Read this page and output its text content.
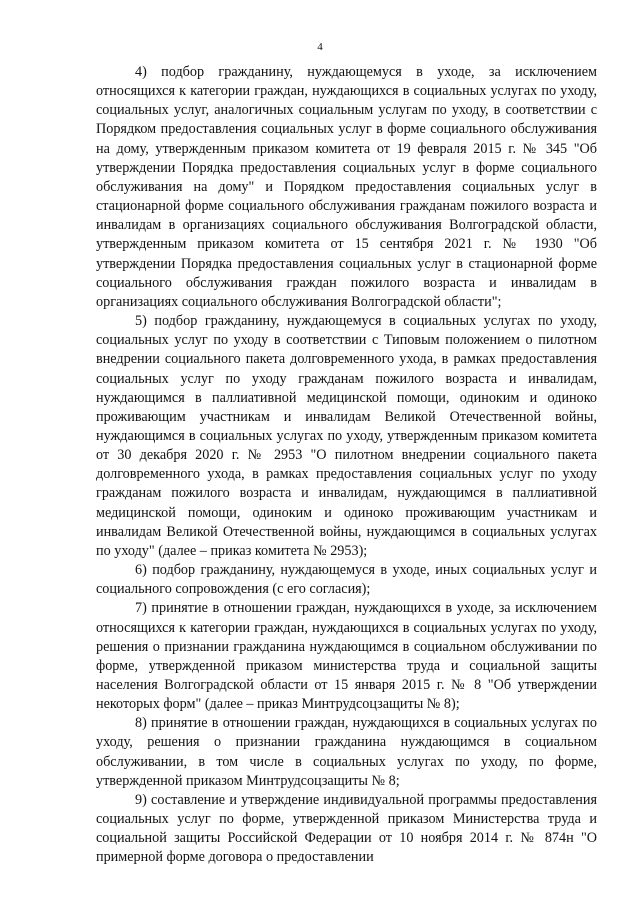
4

4) подбор гражданину, нуждающемуся в уходе, за исключением относящихся к категории граждан, нуждающихся в социальных услугах по уходу, социальных услуг, аналогичных социальным услугам по уходу, в соответствии с Порядком предоставления социальных услуг в форме социального обслуживания на дому, утвержденным приказом комитета от 19 февраля 2015 г. № 345 "Об утверждении Порядка предоставления социальных услуг в форме социального обслуживания на дому" и Порядком предоставления социальных услуг в стационарной форме социального обслуживания гражданам пожилого возраста и инвалидам в организациях социального обслуживания Волгоградской области, утвержденным приказом комитета от 15 сентября 2021 г. № 1930 "Об утверждении Порядка предоставления социальных услуг в стационарной форме социального обслуживания граждан пожилого возраста и инвалидам в организациях социального обслуживания Волгоградской области";

5) подбор гражданину, нуждающемуся в социальных услугах по уходу, социальных услуг по уходу в соответствии с Типовым положением о пилотном внедрении социального пакета долговременного ухода, в рамках предоставления социальных услуг по уходу гражданам пожилого возраста и инвалидам, нуждающимся в паллиативной медицинской помощи, одиноким и одиноко проживающим участникам и инвалидам Великой Отечественной войны, нуждающимся в социальных услугах по уходу, утвержденным приказом комитета от 30 декабря 2020 г. № 2953 "О пилотном внедрении социального пакета долговременного ухода, в рамках предоставления социальных услуг по уходу гражданам пожилого возраста и инвалидам, нуждающимся в паллиативной медицинской помощи, одиноким и одиноко проживающим участникам и инвалидам Великой Отечественной войны, нуждающимся в социальных услугах по уходу" (далее – приказ комитета № 2953);

6) подбор гражданину, нуждающемуся в уходе, иных социальных услуг и социального сопровождения (с его согласия);

7) принятие в отношении граждан, нуждающихся в уходе, за исключением относящихся к категории граждан, нуждающихся в социальных услугах по уходу, решения о признании гражданина нуждающимся в социальном обслуживании по форме, утвержденной приказом министерства труда и социальной защиты населения Волгоградской области от 15 января 2015 г. № 8 "Об утверждении некоторых форм" (далее – приказ Минтрудсоцзащиты № 8);

8) принятие в отношении граждан, нуждающихся в социальных услугах по уходу, решения о признании гражданина нуждающимся в социальном обслуживании, в том числе в социальных услугах по уходу, по форме, утвержденной приказом Минтрудсоцзащиты № 8;

9) составление и утверждение индивидуальной программы предоставления социальных услуг по форме, утвержденной приказом Министерства труда и социальной защиты Российской Федерации от 10 ноября 2014 г. № 874н "О примерной форме договора о предоставлении
